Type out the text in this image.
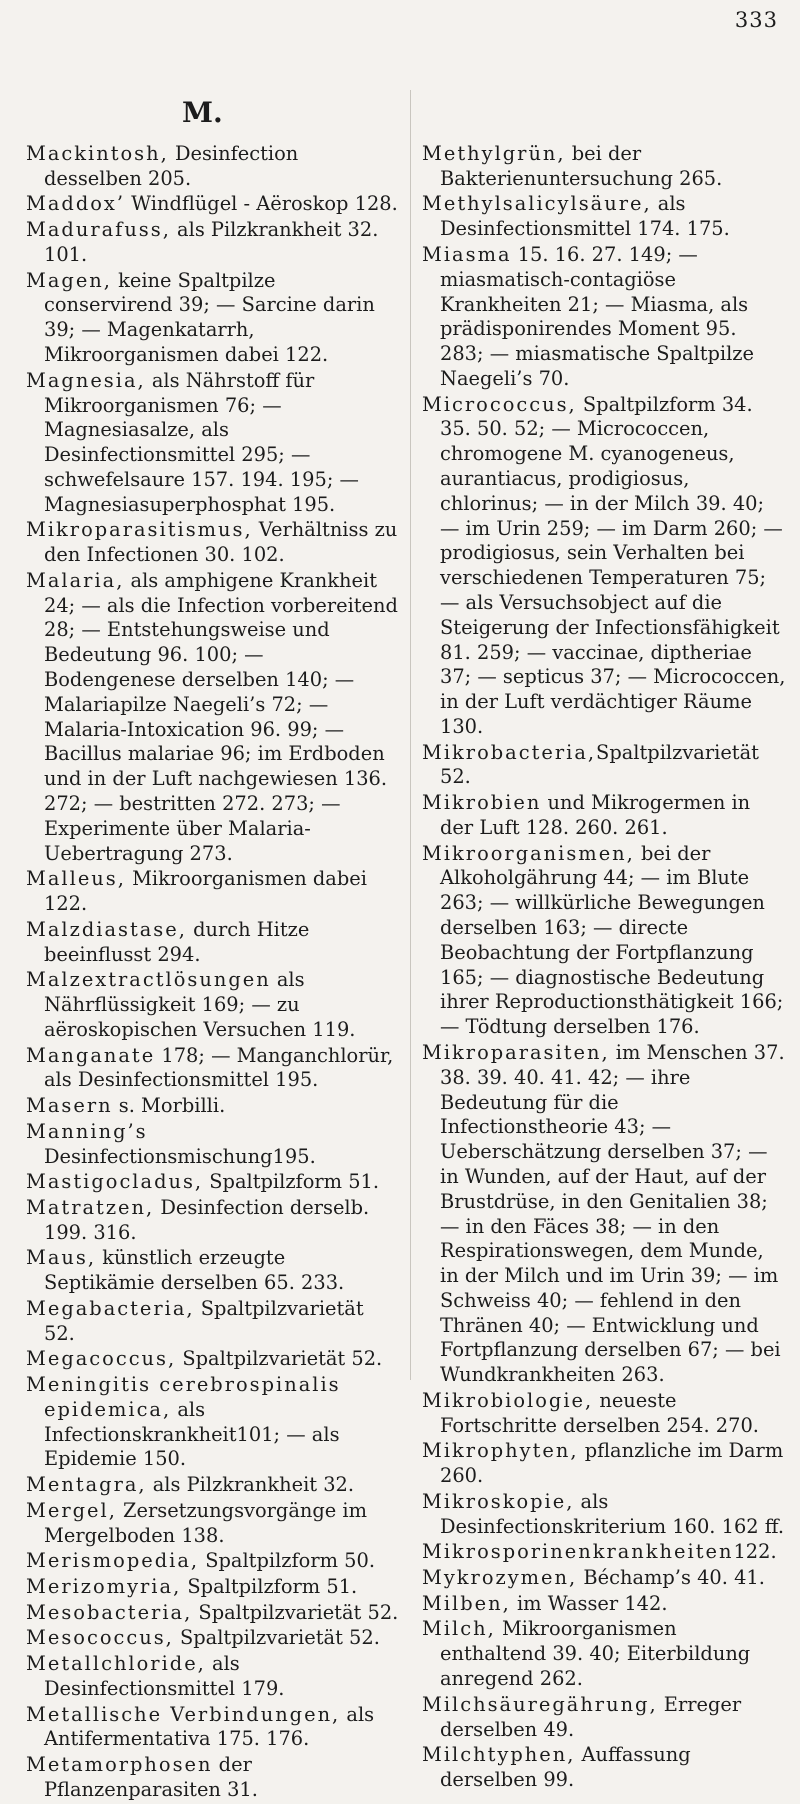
333
M.

Mackintosh, Desinfection desselben 205.

Maddox’ Windflügel - Aëroskop 128.

Madurafuss, als Pilzkrankheit 32. 101.

Magen, keine Spaltpilze conservirend 39; — Sarcine darin 39; — Magenkatarrh, Mikroorganismen dabei 122.

Magnesia, als Nährstoff für Mikroorganismen 76; — Magnesiasalze, als Desinfectionsmittel 295; — schwefelsaure 157. 194. 195; — Magnesiasuperphosphat 195.

Mikroparasitismus, Verhältniss zu den Infectionen 30. 102.

Malaria, als amphigene Krankheit 24; — als die Infection vorbereitend 28; — Entstehungsweise und Bedeutung 96. 100; — Bodengenese derselben 140; — Malariapilze Naegeli’s 72; — Malaria-Intoxication 96. 99; — Bacillus malariae 96; im Erdboden und in der Luft nachgewiesen 136. 272; — bestritten 272. 273; — Experimente über Malaria-Uebertragung 273.

Malleus, Mikroorganismen dabei 122.

Malzdiastase, durch Hitze beeinflusst 294.

Malzextractlösungen als Nährflüssigkeit 169; — zu aëroskopischen Versuchen 119.

Manganate 178; — Manganchlorür, als Desinfectionsmittel 195.

Masern s. Morbilli.

Manning’s Desinfectionsmischung195.

Mastigocladus, Spaltpilzform 51.

Matratzen, Desinfection derselb. 199. 316.

Maus, künstlich erzeugte Septikämie derselben 65. 233.

Megabacteria, Spaltpilzvarietät 52.

Megacoccus, Spaltpilzvarietät 52.

Meningitis cerebrospinalis epidemica, als Infectionskrankheit101; — als Epidemie 150.

Mentagra, als Pilzkrankheit 32.

Mergel, Zersetzungsvorgänge im Mergelboden 138.

Merismopedia, Spaltpilzform 50.

Merizomyria, Spaltpilzform 51.

Mesobacteria, Spaltpilzvarietät 52.

Mesococcus, Spaltpilzvarietät 52.

Metallchloride, als Desinfectionsmittel 179.

Metallische Verbindungen, als Antifermentativa 175. 176.

Metamorphosen der Pflanzenparasiten 31.

Methylgrün, bei der Bakterienuntersuchung 265.

Methylsalicylsäure, als Desinfectionsmittel 174. 175.

Miasma 15. 16. 27. 149; — miasmatisch-contagiöse Krankheiten 21; — Miasma, als prädisponirendes Moment 95. 283; — miasmatische Spaltpilze Naegeli’s 70.

Micrococcus, Spaltpilzform 34. 35. 50. 52; — Micrococcen, chromogene M. cyanogeneus, aurantiacus, prodigiosus, chlorinus; — in der Milch 39. 40; — im Urin 259; — im Darm 260; — prodigiosus, sein Verhalten bei verschiedenen Temperaturen 75; — als Versuchsobject auf die Steigerung der Infectionsfähigkeit 81. 259; — vaccinae, diptheriae 37; — septicus 37; — Micrococcen, in der Luft verdächtiger Räume 130.

Mikrobacteria,Spaltpilzvarietät 52.

Mikrobien und Mikrogermen in der Luft 128. 260. 261.

Mikroorganismen, bei der Alkoholgährung 44; — im Blute 263; — willkürliche Bewegungen derselben 163; — directe Beobachtung der Fortpflanzung 165; — diagnostische Bedeutung ihrer Reproductionsthätigkeit 166; — Tödtung derselben 176.

Mikroparasiten, im Menschen 37. 38. 39. 40. 41. 42; — ihre Bedeutung für die Infectionstheorie 43; — Ueberschätzung derselben 37; — in Wunden, auf der Haut, auf der Brustdrüse, in den Genitalien 38; — in den Fäces 38; — in den Respirationswegen, dem Munde, in der Milch und im Urin 39; — im Schweiss 40; — fehlend in den Thränen 40; — Entwicklung und Fortpflanzung derselben 67; — bei Wundkrankheiten 263.

Mikrobiologie, neueste Fortschritte derselben 254. 270.

Mikrophyten, pflanzliche im Darm 260.

Mikroskopie, als Desinfectionskriterium 160. 162 ff.

Mikrosporinenkrankheiten122.

Mykrozymen, Béchamp’s 40. 41.

Milben, im Wasser 142.

Milch, Mikroorganismen enthaltend 39. 40; Eiterbildung anregend 262.

Milchsäuregährung, Erreger derselben 49.

Milchtyphen, Auffassung derselben 99.
